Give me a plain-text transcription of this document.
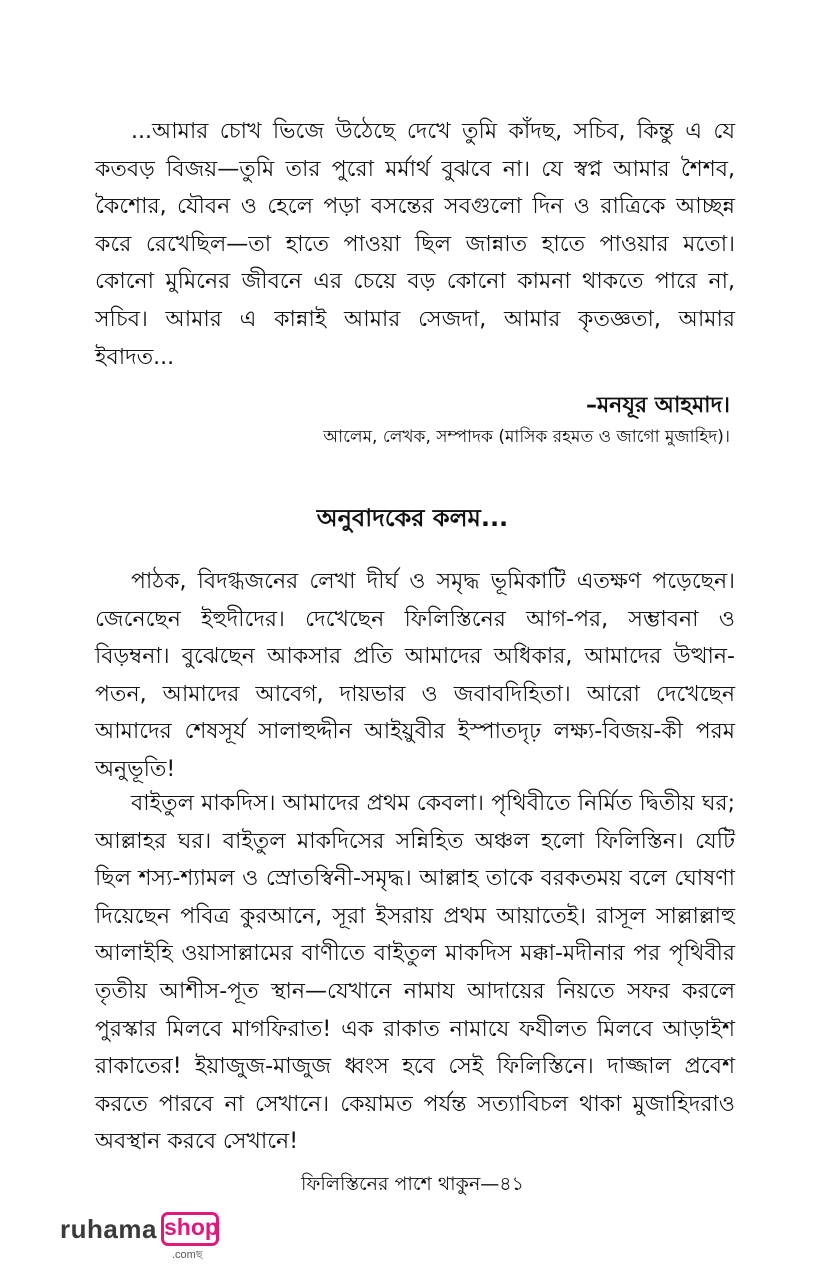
...আমার চোখ ভিজে উঠেছে দেখে তুমি কাঁদছ, সচিব, কিন্তু এ যে কতবড় বিজয়—তুমি তার পুরো মর্মার্থ বুঝবে না। যে স্বপ্ন আমার শৈশব, কৈশোর, যৌবন ও হেলে পড়া বসন্তের সবগুলো দিন ও রাত্রিকে আচ্ছন্ন করে রেখেছিল—তা হাতে পাওয়া ছিল জান্নাত হাতে পাওয়ার মতো। কোনো মুমিনের জীবনে এর চেয়ে বড় কোনো কামনা থাকতে পারে না, সচিব। আমার এ কান্নাই আমার সেজদা, আমার কৃতজ্ঞতা, আমার ইবাদত...

–মনযূর আহমাদ।

আলেম, লেখক, সম্পাদক (মাসিক রহমত ও জাগো মুজাহিদ)।

অনুবাদকের কলম...

পাঠক, বিদগ্ধজনের লেখা দীর্ঘ ও সমৃদ্ধ ভূমিকাটি এতক্ষণ পড়েছেন। জেনেছেন ইহুদীদের। দেখেছেন ফিলিস্তিনের আগ-পর, সম্ভাবনা ও বিড়ম্বনা। বুঝেছেন আকসার প্রতি আমাদের অধিকার, আমাদের উত্থান-পতন, আমাদের আবেগ, দায়ভার ও জবাবদিহিতা। আরো দেখেছেন আমাদের শেষসূর্য সালাহুদ্দীন আইয়ুবীর ইস্পাতদৃঢ় লক্ষ্য-বিজয়-কী পরম অনুভূতি!

বাইতুল মাকদিস। আমাদের প্রথম কেবলা। পৃথিবীতে নির্মিত দ্বিতীয় ঘর; আল্লাহর ঘর। বাইতুল মাকদিসের সন্নিহিত অঞ্চল হলো ফিলিস্তিন। যেটি ছিল শস্য-শ্যামল ও স্রোতস্বিনী-সমৃদ্ধ। আল্লাহ তাকে বরকতময় বলে ঘোষণা দিয়েছেন পবিত্র কুরআনে, সূরা ইসরায় প্রথম আয়াতেই। রাসূল সাল্লাল্লাহু আলাইহি ওয়াসাল্লামের বাণীতে বাইতুল মাকদিস মক্কা-মদীনার পর পৃথিবীর তৃতীয় আশীস-পূত স্থান—যেখানে নামায আদায়ের নিয়তে সফর করলে পুরস্কার মিলবে মাগফিরাত! এক রাকাত নামাযে ফযীলত মিলবে আড়াইশ রাকাতের! ইয়াজুজ-মাজুজ ধ্বংস হবে সেই ফিলিস্তিনে। দাজ্জাল প্রবেশ করতে পারবে না সেখানে। কেয়ামত পর্যন্ত সত্যাবিচল থাকা মুজাহিদরাও অবস্থান করবে সেখানে!

ফিলিস্তিনের পাশে থাকুন—৪১

ruhama shop
.comছ
